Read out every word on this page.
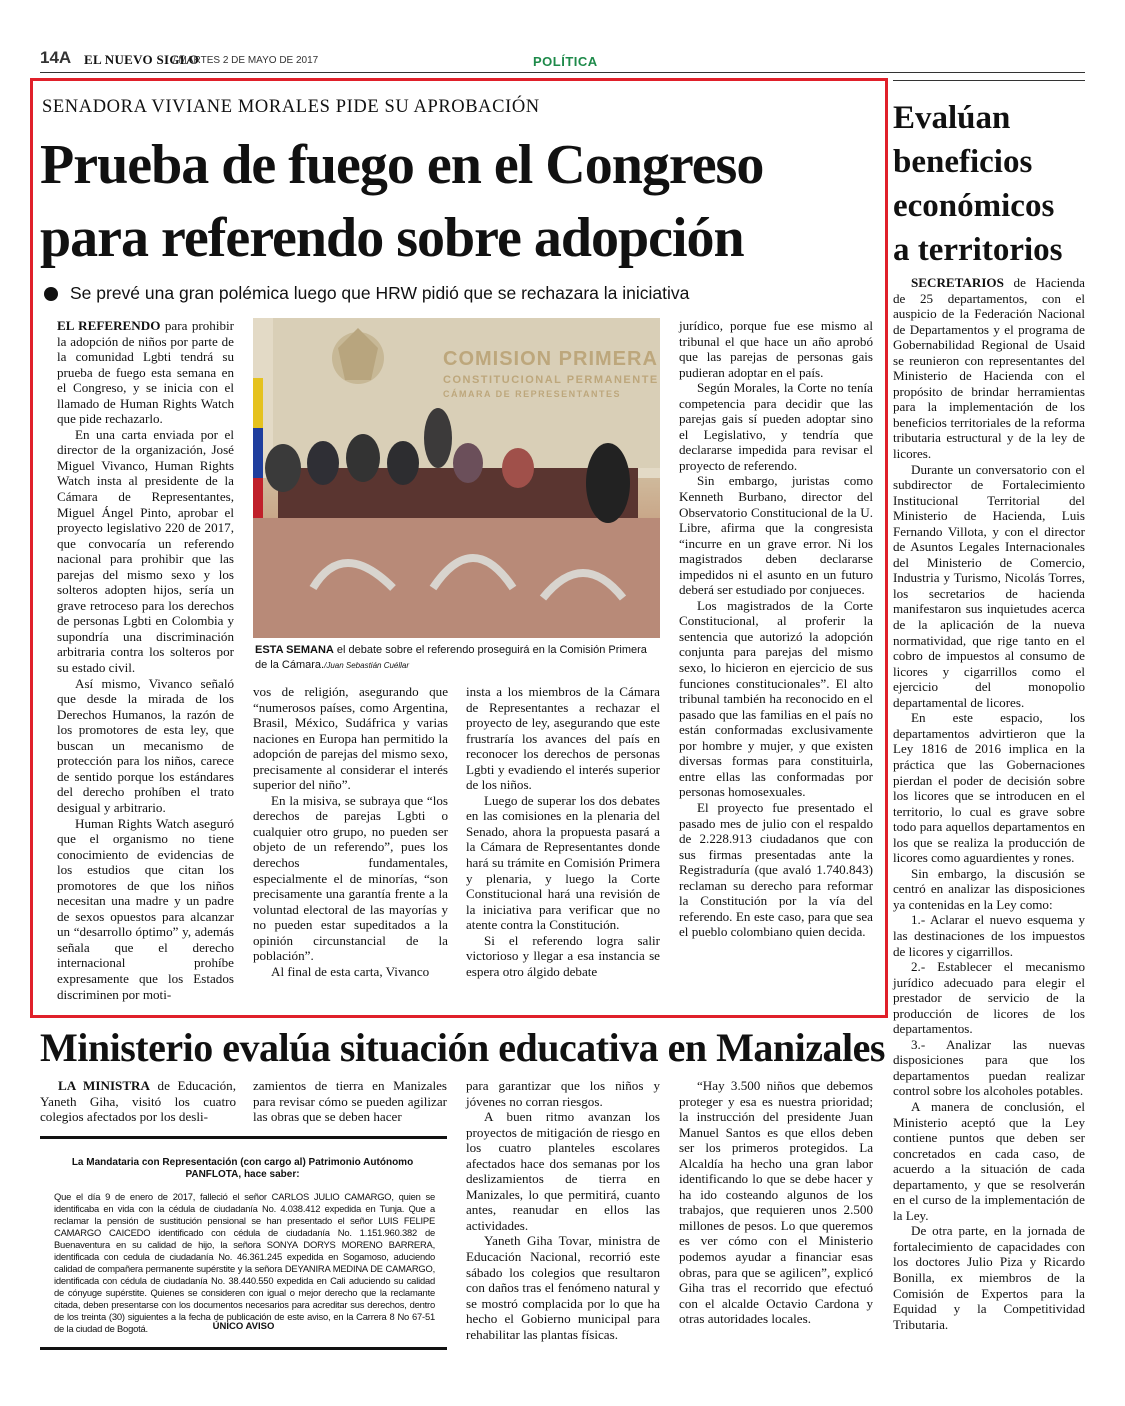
14A EL NUEVO SIGLO
/ MARTES 2 DE MAYO DE 2017	POLÍTICA
SENADORA VIVIANE MORALES PIDE SU APROBACIÓN
Prueba de fuego en el Congreso
para referendo sobre adopción
Se prevé una gran polémica luego que HRW pidió que se rechazara la iniciativa

EL REFERENDO para prohibir la adopción de niños por parte de la comunidad Lgbti tendrá su prueba de fuego esta semana en el Congreso, y se inicia con el llamado de Human Rights Watch que pide rechazarlo.

En una carta enviada por el director de la organización, José Miguel Vivanco, Human Rights Watch insta al presidente de la Cámara de Representantes, Miguel Ángel Pinto, aprobar el proyecto legislativo 220 de 2017, que convocaría un referendo nacional para prohibir que las parejas del mismo sexo y los solteros adopten hijos, sería un grave retroceso para los derechos de personas Lgbti en Colombia y supondría una discriminación arbitraria contra los solteros por su estado civil.

Así mismo, Vivanco señaló que desde la mirada de los Derechos Humanos, la razón de los promotores de esta ley, que buscan un mecanismo de protección para los niños, carece de sentido porque los estándares del derecho prohíben el trato desigual y arbitrario.

Human Rights Watch aseguró que el organismo no tiene conocimiento de evidencias de los estudios que citan los promotores de que los niños necesitan una madre y un padre de sexos opuestos para alcanzar un “desarrollo óptimo” y, además señala que el derecho internacional prohíbe expresamente que los Estados discriminen por moti-

COMISION PRIMERA
CONSTITUCIONAL PERMANENTE
CÁMARA DE REPRESENTANTES
ESTA SEMANA el debate sobre el referendo proseguirá en la Comisión Primera de la Cámara./Juan Sebastián Cuéllar

vos de religión, asegurando que “numerosos países, como Argentina, Brasil, México, Sudáfrica y varias naciones en Europa han permitido la adopción de parejas del mismo sexo, precisamente al considerar el interés superior del niño”.

En la misiva, se subraya que “los derechos de parejas Lgbti o cualquier otro grupo, no pueden ser objeto de un referendo”, pues los derechos fundamentales, especialmente el de minorías, “son precisamente una garantía frente a la voluntad electoral de las mayorías y no pueden estar supeditados a la opinión circunstancial de la población”.

Al final de esta carta, Vivanco

insta a los miembros de la Cámara de Representantes a rechazar el proyecto de ley, asegurando que este frustraría los avances del país en reconocer los derechos de personas Lgbti y evadiendo el interés superior de los niños.

Luego de superar los dos debates en las comisiones en la plenaria del Senado, ahora la propuesta pasará a la Cámara de Representantes donde hará su trámite en Comisión Primera y plenaria, y luego la Corte Constitucional hará una revisión de la iniciativa para verificar que no atente contra la Constitución.

Si el referendo logra salir victorioso y llegar a esa instancia se espera otro álgido debate

jurídico, porque fue ese mismo al tribunal el que hace un año aprobó que las parejas de personas gais pudieran adoptar en el país.

Según Morales, la Corte no tenía competencia para decidir que las parejas gais sí pueden adoptar sino el Legislativo, y tendría que declararse impedida para revisar el proyecto de referendo.

Sin embargo, juristas como Kenneth Burbano, director del Observatorio Constitucional de la U. Libre, afirma que la congresista “incurre en un grave error. Ni los magistrados deben declararse impedidos ni el asunto en un futuro deberá ser estudiado por conjueces.

Los magistrados de la Corte Constitucional, al proferir la sentencia que autorizó la adopción conjunta para parejas del mismo sexo, lo hicieron en ejercicio de sus funciones constitucionales”. El alto tribunal también ha reconocido en el pasado que las familias en el país no están conformadas exclusivamente por hombre y mujer, y que existen diversas formas para constituirla, entre ellas las conformadas por personas homosexuales.

El proyecto fue presentado el pasado mes de julio con el respaldo de 2.228.913 ciudadanos que con sus firmas presentadas ante la Registraduría (que avaló 1.740.843) reclaman su derecho para reformar la Constitución por la vía del referendo. En este caso, para que sea el pueblo colombiano quien decida.

Evalúan
beneficios
económicos
a territorios

SECRETARIOS de Hacienda de 25 departamentos, con el auspicio de la Federación Nacional de Departamentos y el programa de Gobernabilidad Regional de Usaid se reunieron con representantes del Ministerio de Hacienda con el propósito de brindar herramientas para la implementación de los beneficios territoriales de la reforma tributaria estructural y de la ley de licores.

Durante un conversatorio con el subdirector de Fortalecimiento Institucional Territorial del Ministerio de Hacienda, Luis Fernando Villota, y con el director de Asuntos Legales Internacionales del Ministerio de Comercio, Industria y Turismo, Nicolás Torres, los secretarios de hacienda manifestaron sus inquietudes acerca de la aplicación de la nueva normatividad, que rige tanto en el cobro de impuestos al consumo de licores y cigarrillos como el ejercicio del monopolio departamental de licores.

En este espacio, los departamentos advirtieron que la Ley 1816 de 2016 implica en la práctica que las Gobernaciones pierdan el poder de decisión sobre los licores que se introducen en el territorio, lo cual es grave sobre todo para aquellos departamentos en los que se realiza la producción de licores como aguardientes y rones.

Sin embargo, la discusión se centró en analizar las disposiciones ya contenidas en la Ley como:

1.- Aclarar el nuevo esquema y las destinaciones de los impuestos de licores y cigarrillos.

2.- Establecer el mecanismo jurídico adecuado para elegir el prestador de servicio de la producción de licores de los departamentos.

3.- Analizar las nuevas disposiciones para que los departamentos puedan realizar control sobre los alcoholes potables.

A manera de conclusión, el Ministerio aceptó que la Ley contiene puntos que deben ser concretados en cada caso, de acuerdo a la situación de cada departamento, y que se resolverán en el curso de la implementación de la Ley.

De otra parte, en la jornada de fortalecimiento de capacidades con los doctores Julio Piza y Ricardo Bonilla, ex miembros de la Comisión de Expertos para la Equidad y la Competitividad Tributaria.

Ministerio evalúa situación educativa en Manizales

LA MINISTRA de Educación, Yaneth Giha, visitó los cuatro colegios afectados por los desli-

zamientos de tierra en Manizales para revisar cómo se pueden agilizar las obras que se deben hacer

para garantizar que los niños y jóvenes no corran riesgos.

A buen ritmo avanzan los proyectos de mitigación de riesgo en los cuatro planteles escolares afectados hace dos semanas por los deslizamientos de tierra en Manizales, lo que permitirá, cuanto antes, reanudar en ellos las actividades.

Yaneth Giha Tovar, ministra de Educación Nacional, recorrió este sábado los colegios que resultaron con daños tras el fenómeno natural y se mostró complacida por lo que ha hecho el Gobierno municipal para rehabilitar las plantas físicas.

“Hay 3.500 niños que debemos proteger y esa es nuestra prioridad; la instrucción del presidente Juan Manuel Santos es que ellos deben ser los primeros protegidos. La Alcaldía ha hecho una gran labor identificando lo que se debe hacer y ha ido costeando algunos de los trabajos, que requieren unos 2.500 millones de pesos. Lo que queremos es ver cómo con el Ministerio podemos ayudar a financiar esas obras, para que se agilicen”, explicó Giha tras el recorrido que efectuó con el alcalde Octavio Cardona y otras autoridades locales.

La Mandataria con Representación (con cargo al) Patrimonio Autónomo PANFLOTA, hace saber:
Que el día 9 de enero de 2017, falleció el señor CARLOS JULIO CAMARGO, quien se identificaba en vida con la cédula de ciudadanía No. 4.038.412 expedida en Tunja. Que a reclamar la pensión de sustitución pensional se han presentado el señor LUIS FELIPE CAMARGO CAICEDO identificado con cédula de ciudadanía No. 1.151.960.382 de Buenaventura en su calidad de hijo, la señora SONYA DORYS MORENO BARRERA, identificada con cedula de ciudadanía No. 46.361.245 expedida en Sogamoso, aduciendo calidad de compañera permanente supérstite y la señora DEYANIRA MEDINA DE CAMARGO, identificada con cédula de ciudadanía No. 38.440.550 expedida en Cali aduciendo su calidad de cónyuge supérstite. Quienes se consideren con igual o mejor derecho que la reclamante citada, deben presentarse con los documentos necesarios para acreditar sus derechos, dentro de los treinta (30) siguientes a la fecha de publicación de este aviso, en la Carrera 8 No 67-51 de la ciudad de Bogotá.	ÚNICO AVISO
